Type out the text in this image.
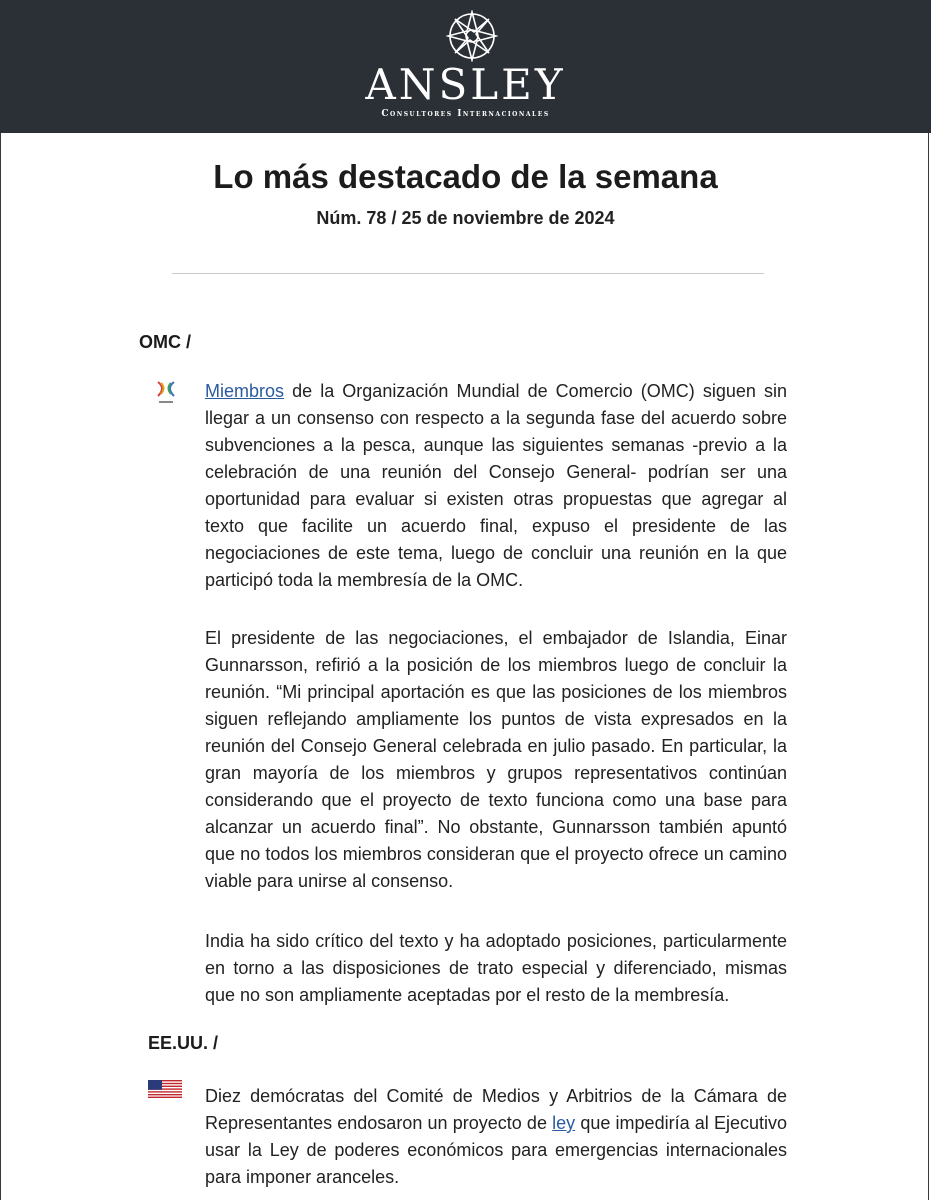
ANSLEY
Consultores Internacionales
Lo más destacado de la semana
Núm. 78 / 25 de noviembre de 2024
OMC /
Miembros de la Organización Mundial de Comercio (OMC) siguen sin llegar a un consenso con respecto a la segunda fase del acuerdo sobre subvenciones a la pesca, aunque las siguientes semanas -previo a la celebración de una reunión del Consejo General- podrían ser una oportunidad para evaluar si existen otras propuestas que agregar al texto que facilite un acuerdo final, expuso el presidente de las negociaciones de este tema, luego de concluir una reunión en la que participó toda la membresía de la OMC.
El presidente de las negociaciones, el embajador de Islandia, Einar Gunnarsson, refirió a la posición de los miembros luego de concluir la reunión. “Mi principal aportación es que las posiciones de los miembros siguen reflejando ampliamente los puntos de vista expresados en la reunión del Consejo General celebrada en julio pasado. En particular, la gran mayoría de los miembros y grupos representativos continúan considerando que el proyecto de texto funciona como una base para alcanzar un acuerdo final”. No obstante, Gunnarsson también apuntó que no todos los miembros consideran que el proyecto ofrece un camino viable para unirse al consenso.
India ha sido crítico del texto y ha adoptado posiciones, particularmente en torno a las disposiciones de trato especial y diferenciado, mismas que no son ampliamente aceptadas por el resto de la membresía.
EE.UU. /
Diez demócratas del Comité de Medios y Arbitrios de la Cámara de Representantes endosaron un proyecto de ley que impediría al Ejecutivo usar la Ley de poderes económicos para emergencias internacionales para imponer aranceles.
